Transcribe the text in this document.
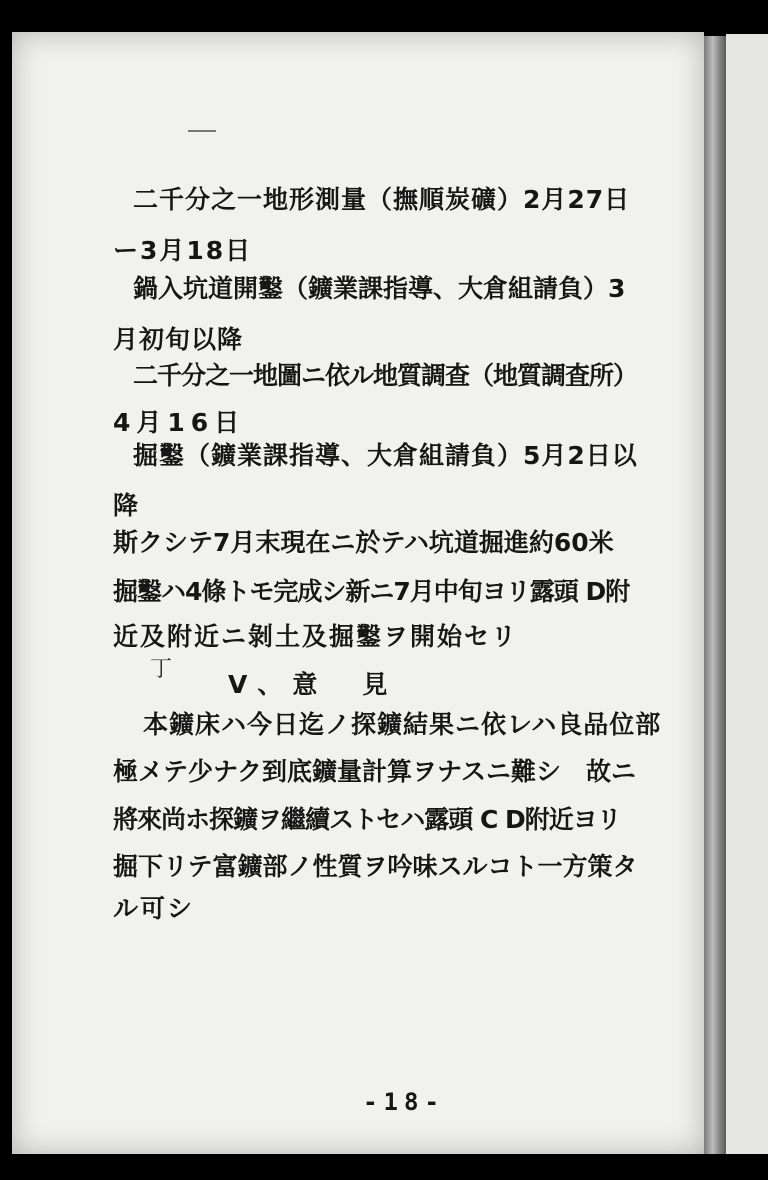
二千分之一地形測量（撫順炭礦）2月27日
ー3月18日
鍋入坑道開鑿（鑛業課指導、大倉組請負）3
月初旬以降
二千分之一地圖ニ依ル地質調查（地質調査所）
4月16日
掘鑿（鑛業課指導、大倉組請負）5月2日以
降
斯クシテ7月末現在ニ於テハ坑道掘進約60米
掘鑿ハ4條トモ完成シ新ニ7月中旬ヨリ露頭 D附
近及附近ニ剝土及掘鑿ヲ開始セリ
丁
V、意　見
本鑛床ハ今日迄ノ探鑛結果ニ依レハ良品位部
極メテ少ナク到底鑛量計算ヲナスニ難シ　故ニ
將來尚ホ探鑛ヲ繼續ストセハ露頭 C D附近ヨリ
掘下リテ富鑛部ノ性質ヲ吟味スルコト一方策タ
ル可シ
-18-
